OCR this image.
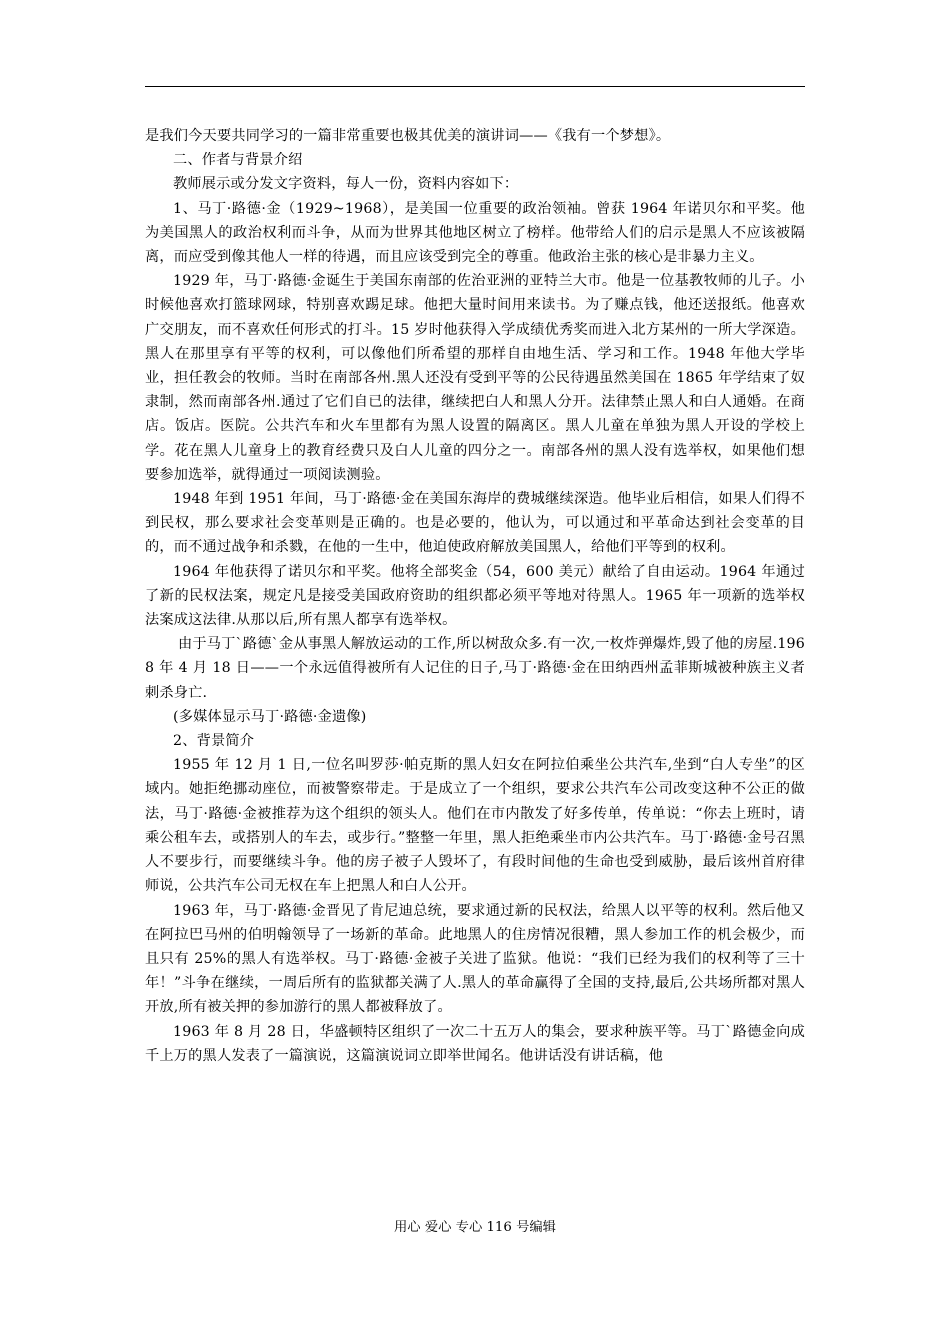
是我们今天要共同学习的一篇非常重要也极其优美的演讲词——《我有一个梦想》。

二、作者与背景介绍

教师展示或分发文字资料，每人一份，资料内容如下：

1、马丁·路德·金（1929~1968），是美国一位重要的政治领袖。曾获 1964 年诺贝尔和平奖。他为美国黑人的政治权利而斗争，从而为世界其他地区树立了榜样。他带给人们的启示是黑人不应该被隔离，而应受到像其他人一样的待遇，而且应该受到完全的尊重。他政治主张的核心是非暴力主义。

1929 年，马丁·路德·金诞生于美国东南部的佐治亚洲的亚特兰大市。他是一位基教牧师的儿子。小时候他喜欢打篮球网球，特别喜欢踢足球。他把大量时间用来读书。为了赚点钱，他还送报纸。他喜欢广交朋友，而不喜欢任何形式的打斗。15 岁时他获得入学成绩优秀奖而进入北方某州的一所大学深造。黑人在那里享有平等的权利，可以像他们所希望的那样自由地生活、学习和工作。1948 年他大学毕业，担任教会的牧师。当时在南部各州.黑人还没有受到平等的公民待遇虽然美国在 1865 年学结束了奴隶制，然而南部各州.通过了它们自已的法律，继续把白人和黑人分开。法律禁止黑人和白人通婚。在商店。饭店。医院。公共汽车和火车里都有为黑人设置的隔离区。黑人儿童在单独为黑人开设的学校上学。花在黑人儿童身上的教育经费只及白人儿童的四分之一。南部各州的黑人没有选举权，如果他们想要参加选举，就得通过一项阅读测验。

1948 年到 1951 年间，马丁·路德·金在美国东海岸的费城继续深造。他毕业后相信，如果人们得不到民权，那么要求社会变革则是正确的。也是必要的，他认为，可以通过和平革命达到社会变革的目的，而不通过战争和杀戮，在他的一生中，他迫使政府解放美国黑人，给他们平等到的权利。

1964 年他获得了诺贝尔和平奖。他将全部奖金（54，600 美元）献给了自由运动。1964 年通过了新的民权法案，规定凡是接受美国政府资助的组织都必须平等地对待黑人。1965 年一项新的选举权法案成这法律.从那以后,所有黑人都享有选举权。

由于马丁`路德`金从事黑人解放运动的工作,所以树敌众多.有一次,一枚炸弹爆炸,毁了他的房屋.1968 年 4 月 18 日——一个永远值得被所有人记住的日子,马丁·路德·金在田纳西州孟菲斯城被种族主义者刺杀身亡.

(多媒体显示马丁·路德·金遗像)

2、背景简介

1955 年 12 月 1 日,一位名叫罗莎·帕克斯的黑人妇女在阿拉伯乘坐公共汽车,坐到“白人专坐”的区域内。她拒绝挪动座位，而被警察带走。于是成立了一个组织，要求公共汽车公司改变这种不公正的做法，马丁·路德·金被推荐为这个组织的领头人。他们在市内散发了好多传单，传单说：“你去上班时，请乘公租车去，或搭别人的车去，或步行。”整整一年里，黑人拒绝乘坐市内公共汽车。马丁·路德·金号召黑人不要步行，而要继续斗争。他的房子被子人毁坏了，有段时间他的生命也受到威胁，最后该州首府律师说，公共汽车公司无权在车上把黑人和白人公开。

1963 年，马丁·路德·金晋见了肯尼迪总统，要求通过新的民权法，给黑人以平等的权利。然后他又在阿拉巴马州的伯明翰领导了一场新的革命。此地黑人的住房情况很糟，黑人参加工作的机会极少，而且只有 25%的黑人有选举权。马丁·路德·金被子关进了监狱。他说：“我们已经为我们的权利等了三十年！”斗争在继续，一周后所有的监狱都关满了人.黑人的革命赢得了全国的支持,最后,公共场所都对黑人开放,所有被关押的参加游行的黑人都被释放了。

1963 年 8 月 28 日，华盛顿特区组织了一次二十五万人的集会，要求种族平等。马丁`路德金向成千上万的黑人发表了一篇演说，这篇演说词立即举世闻名。他讲话没有讲话稿，他

用心 爱心 专心 116 号编辑
